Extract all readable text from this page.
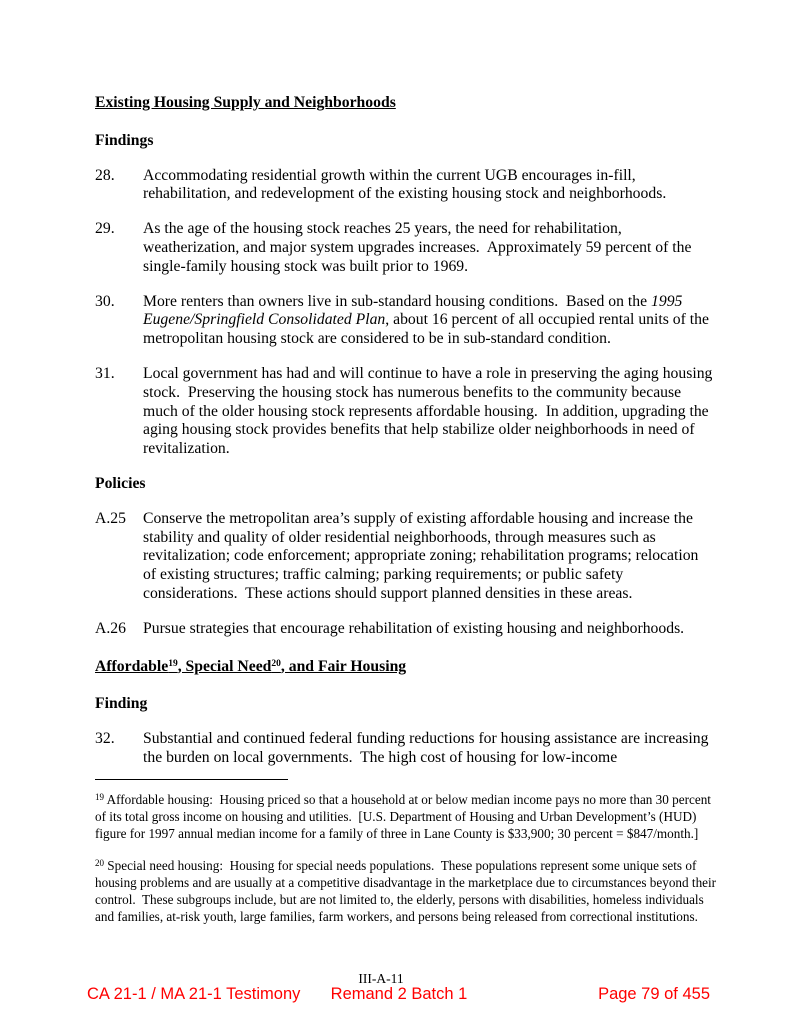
Existing Housing Supply and Neighborhoods

Findings

28.	Accommodating residential growth within the current UGB encourages in-fill, rehabilitation, and redevelopment of the existing housing stock and neighborhoods.
29.	As the age of the housing stock reaches 25 years, the need for rehabilitation, weatherization, and major system upgrades increases.  Approximately 59 percent of the single-family housing stock was built prior to 1969.
30.	More renters than owners live in sub-standard housing conditions.  Based on the 1995 Eugene/Springfield Consolidated Plan, about 16 percent of all occupied rental units of the metropolitan housing stock are considered to be in sub-standard condition.
31.	Local government has had and will continue to have a role in preserving the aging housing stock.  Preserving the housing stock has numerous benefits to the community because much of the older housing stock represents affordable housing.  In addition, upgrading the aging housing stock provides benefits that help stabilize older neighborhoods in need of revitalization.

Policies

A.25	Conserve the metropolitan area’s supply of existing affordable housing and increase the stability and quality of older residential neighborhoods, through measures such as revitalization; code enforcement; appropriate zoning; rehabilitation programs; relocation of existing structures; traffic calming; parking requirements; or public safety considerations.  These actions should support planned densities in these areas.
A.26	Pursue strategies that encourage rehabilitation of existing housing and neighborhoods.
Affordable$^{19}$, Special Need$^{20}$, and Fair Housing

Finding

32.	Substantial and continued federal funding reductions for housing assistance are increasing the burden on local governments.  The high cost of housing for low-income

$^{19}$ Affordable housing:  Housing priced so that a household at or below median income pays no more than 30 percent of its total gross income on housing and utilities.  [U.S. Department of Housing and Urban Development’s (HUD) figure for 1997 annual median income for a family of three in Lane County is $33,900; 30 percent = $847/month.]

$^{20}$ Special need housing:  Housing for special needs populations.  These populations represent some unique sets of housing problems and are usually at a competitive disadvantage in the marketplace due to circumstances beyond their control.  These subgroups include, but are not limited to, the elderly, persons with disabilities, homeless individuals and families, at-risk youth, large families, farm workers, and persons being released from correctional institutions.

III-A-11
CA 21-1 / MA 21-1 Testimony Remand 2 Batch 1	Page 79 of 455
